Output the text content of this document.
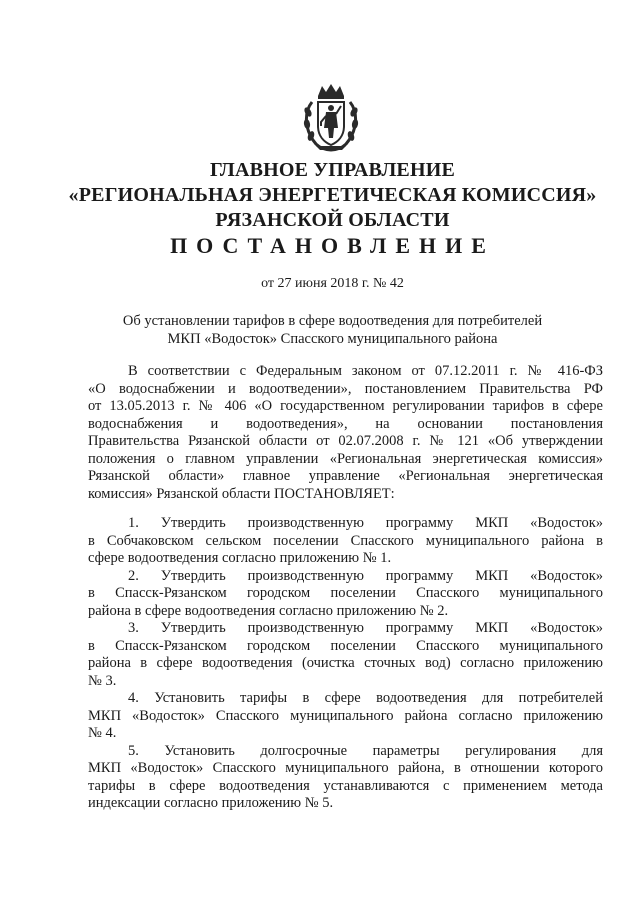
ГЛАВНОЕ УПРАВЛЕНИЕ
«РЕГИОНАЛЬНАЯ ЭНЕРГЕТИЧЕСКАЯ КОМИССИЯ»
РЯЗАНСКОЙ ОБЛАСТИ
ПОСТАНОВЛЕНИЕ
от 27 июня 2018 г. № 42
Об установлении тарифов в сфере водоотведения для потребителей
МКП «Водосток» Спасского муниципального района
В соответствии с Федеральным законом от 07.12.2011 г. № 416-ФЗ
«О водоснабжении и водоотведении», постановлением Правительства РФ
от 13.05.2013 г. № 406 «О государственном регулировании тарифов в сфере
водоснабжения и водоотведения», на основании постановления
Правительства Рязанской области от 02.07.2008 г. № 121 «Об утверждении
положения о главном управлении «Региональная энергетическая комиссия»
Рязанской области» главное управление «Региональная энергетическая
комиссия» Рязанской области ПОСТАНОВЛЯЕТ:
1. Утвердить производственную программу МКП «Водосток»
в Собчаковском сельском поселении Спасского муниципального района в
сфере водоотведения согласно приложению № 1.
2. Утвердить производственную программу МКП «Водосток»
в Спасск-Рязанском городском поселении Спасского муниципального
района в сфере водоотведения согласно приложению № 2.
3. Утвердить производственную программу МКП «Водосток»
в Спасск-Рязанском городском поселении Спасского муниципального
района в сфере водоотведения (очистка сточных вод) согласно приложению
№ 3.
4. Установить тарифы в сфере водоотведения для потребителей
МКП «Водосток» Спасского муниципального района согласно приложению
№ 4.
5. Установить долгосрочные параметры регулирования для
МКП «Водосток» Спасского муниципального района, в отношении которого
тарифы в сфере водоотведения устанавливаются с применением метода
индексации согласно приложению № 5.
